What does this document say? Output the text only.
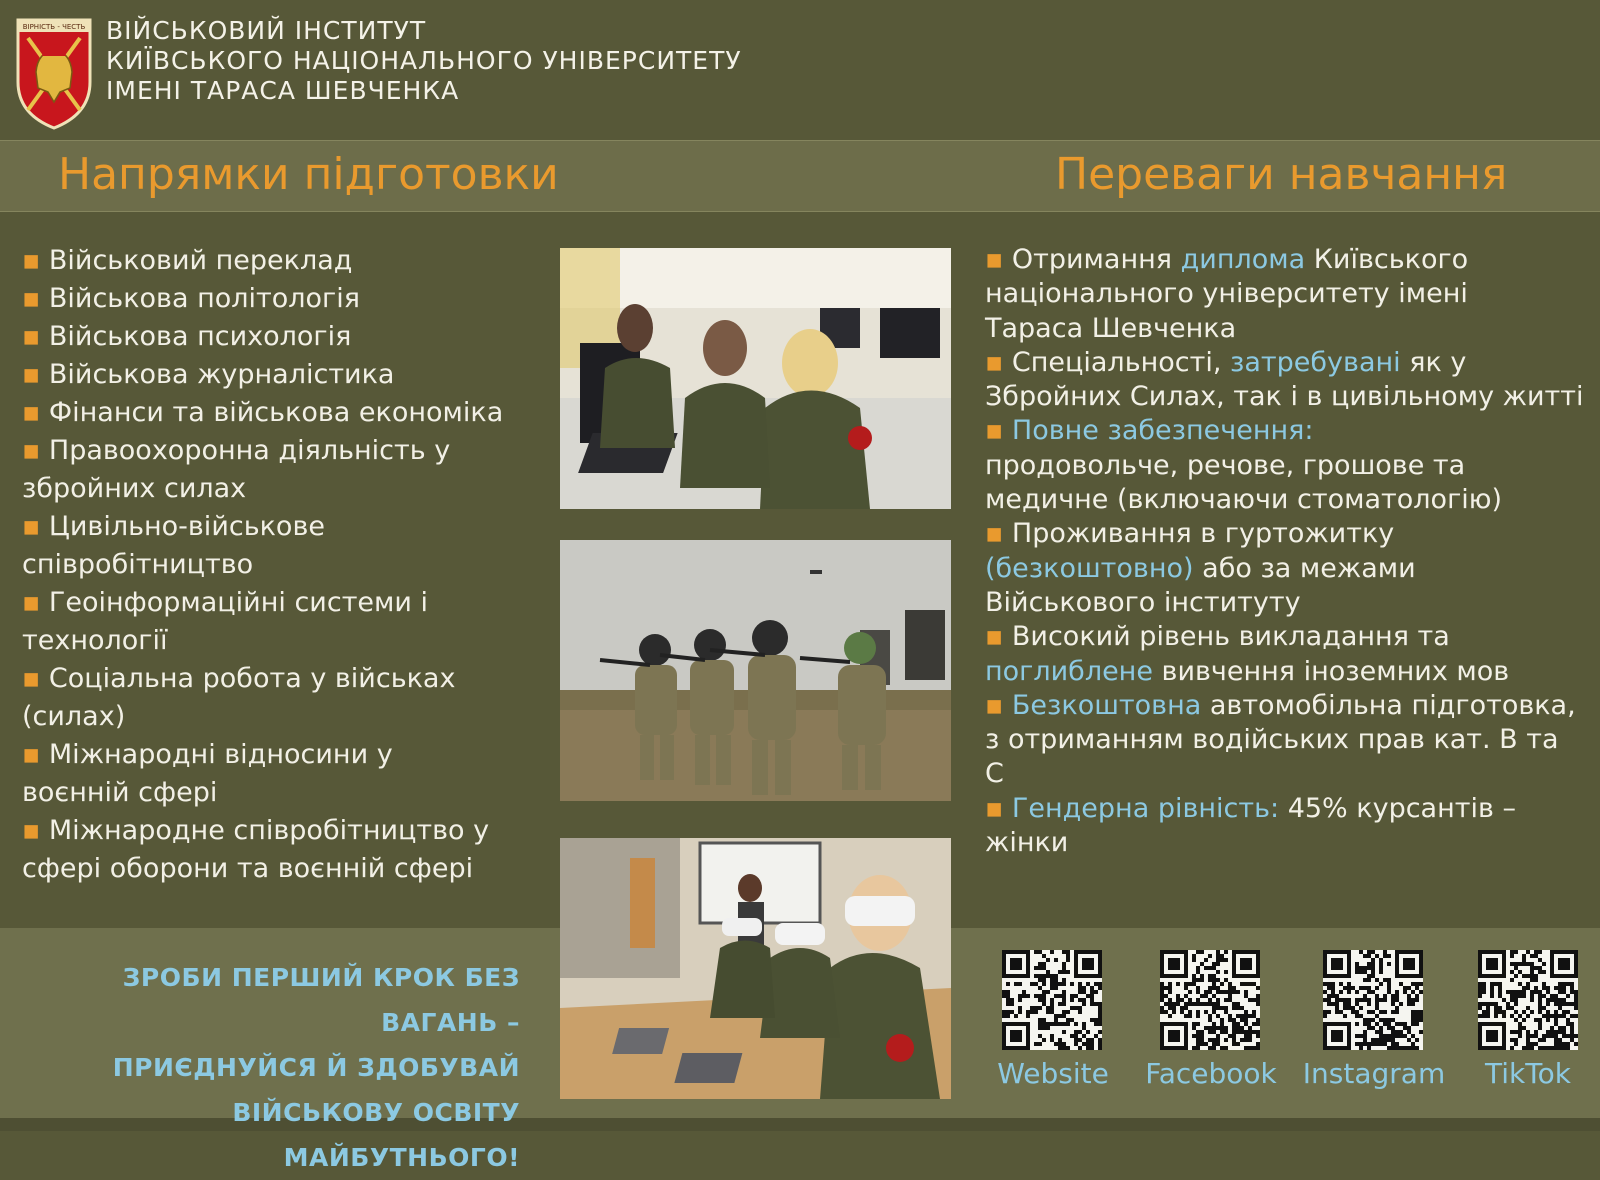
ВІРНІСТЬ - ЧЕСТЬ ВІЙСЬКОВИЙ ІНСТИТУТ
КИЇВСЬКОГО НАЦІОНАЛЬНОГО УНІВЕРСИТЕТУ
ІМЕНІ ТАРАСА ШЕВЧЕНКА
Напрямки підготовки	Переваги навчання
▪ Військовий переклад
▪ Військова політологія
▪ Військова психологія
▪ Військова журналістика
▪ Фінанси та військова економіка
▪ Правоохоронна діяльність у збройних силах
▪ Цивільно-військове співробітництво
▪ Геоінформаційні системи і технології
▪ Соціальна робота у військах (силах)
▪ Міжнародні відносини у воєнній сфері
▪ Міжнародне співробітництво у сфері оборони та воєнній сфері
▪ Отримання диплома Київського національного університету імені Тараса Шевченка
▪ Спеціальності, затребувані як у Збройних Силах, так і в цивільному житті
▪ Повне забезпечення: продовольче, речове, грошове та медичне (включаючи стоматологію)
▪ Проживання в гуртожитку (безкоштовно) або за межами Військового інституту
▪ Високий рівень викладання та поглиблене вивчення іноземних мов
▪ Безкоштовна автомобільна підготовка, з отриманням водійських прав кат. В та С
▪ Гендерна рівність: 45% курсантів – жінки
ЗРОБИ ПЕРШИЙ КРОК БЕЗ ВАГАНЬ –
ПРИЄДНУЙСЯ Й ЗДОБУВАЙ
ВІЙСЬКОВУ ОСВІТУ МАЙБУТНЬОГО!
Website	Facebook Instagram	TikTok
